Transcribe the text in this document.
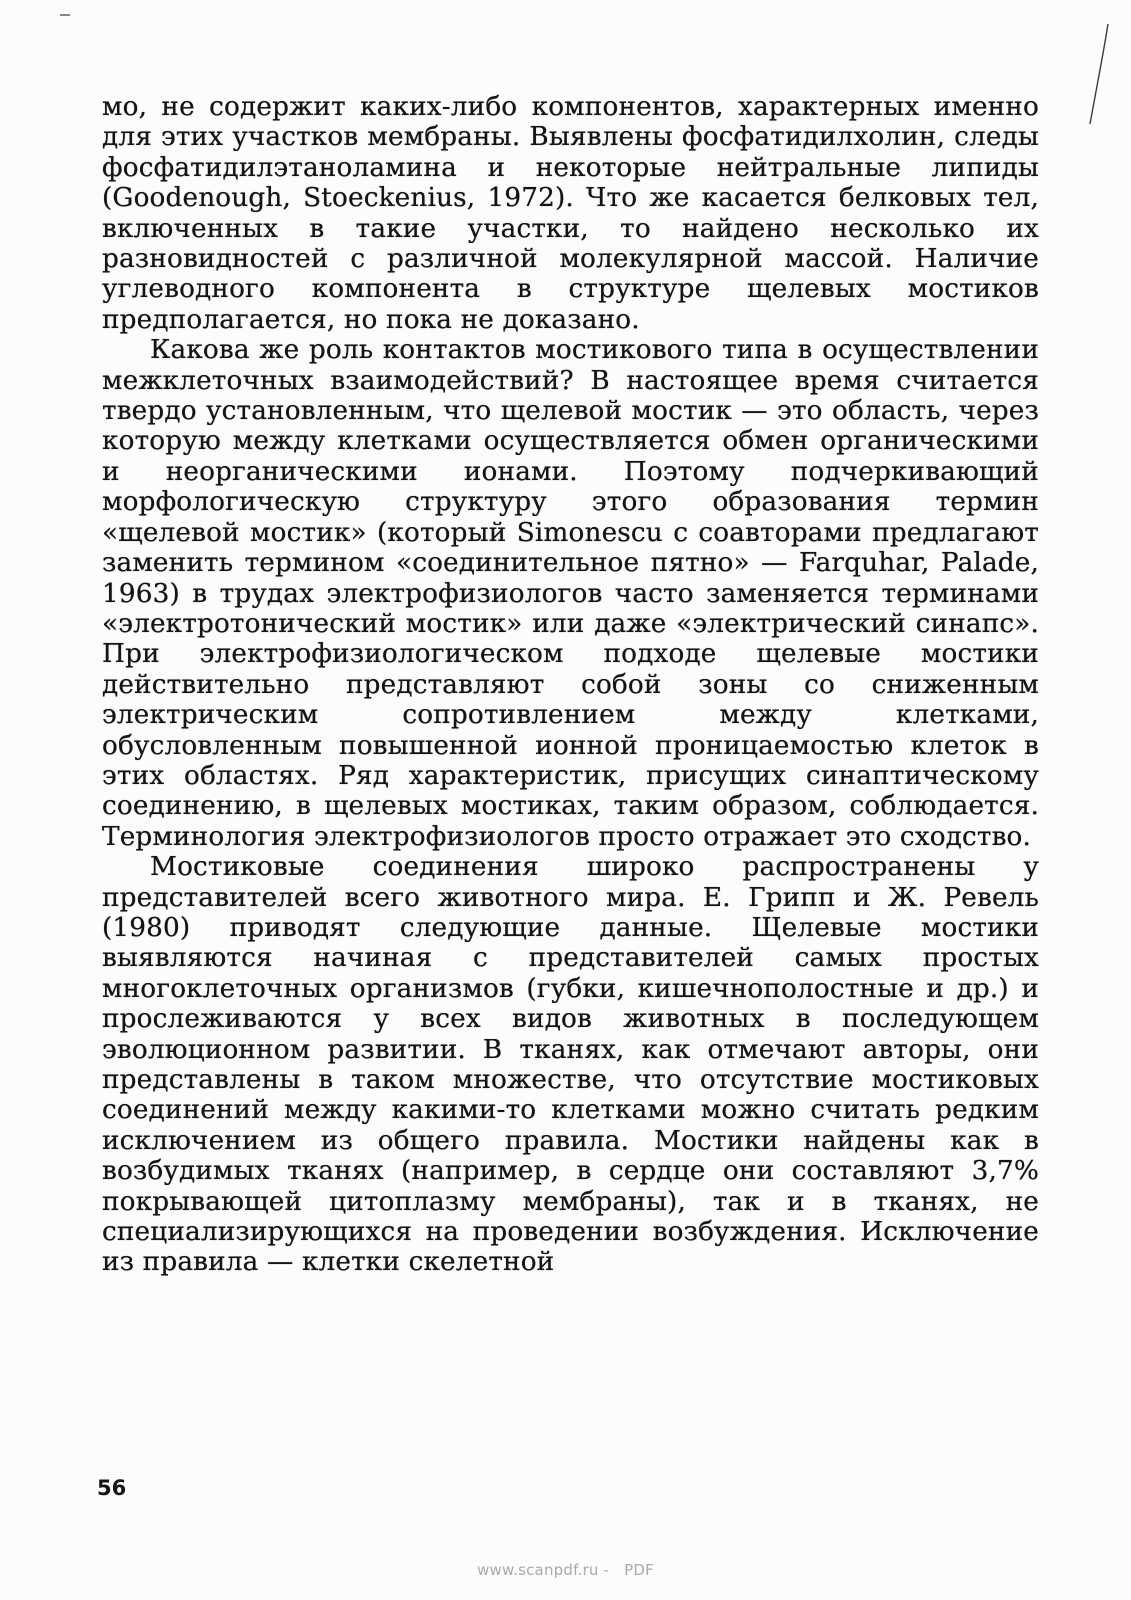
мо, не содержит каких-либо компонентов, характерных именно для этих участков мембраны. Выявлены фосфатидилхолин, следы фосфатидилэтаноламина и некоторые нейтральные липиды (Goodenough, Stoeckenius, 1972). Что же касается белковых тел, включенных в такие участки, то найдено несколько их разновидностей с различной молекулярной массой. Наличие углеводного компонента в структуре щелевых мостиков предполагается, но пока не доказано.

Какова же роль контактов мостикового типа в осуществлении межклеточных взаимодействий? В настоящее время считается твердо установленным, что щелевой мостик — это область, через которую между клетками осуществляется обмен органическими и неорганическими ионами. Поэтому подчеркивающий морфологическую структуру этого образования термин «щелевой мостик» (который Simonescu с соавторами предлагают заменить термином «соединительное пятно» — Farquhar, Palade, 1963) в трудах электрофизиологов часто заменяется терминами «электротонический мостик» или даже «электрический синапс». При электрофизиологическом подходе щелевые мостики действительно представляют собой зоны со сниженным электрическим сопротивлением между клетками, обусловленным повышенной ионной проницаемостью клеток в этих областях. Ряд характеристик, присущих синаптическому соединению, в щелевых мостиках, таким образом, соблюдается. Терминология электрофизиологов просто отражает это сходство.

Мостиковые соединения широко распространены у представителей всего животного мира. Е. Грипп и Ж. Ревель (1980) приводят следующие данные. Щелевые мостики выявляются начиная с представителей самых простых многоклеточных организмов (губки, кишечнополостные и др.) и прослеживаются у всех видов животных в последующем эволюционном развитии. В тканях, как отмечают авторы, они представлены в таком множестве, что отсутствие мостиковых соединений между какими-то клетками можно считать редким исключением из общего правила. Мостики найдены как в возбудимых тканях (например, в сердце они составляют 3,7% покрывающей цитоплазму мембраны), так и в тканях, не специализирующихся на проведении возбуждения. Исключение из правила — клетки скелетной

56
www.scanpdf.ru - PDF
